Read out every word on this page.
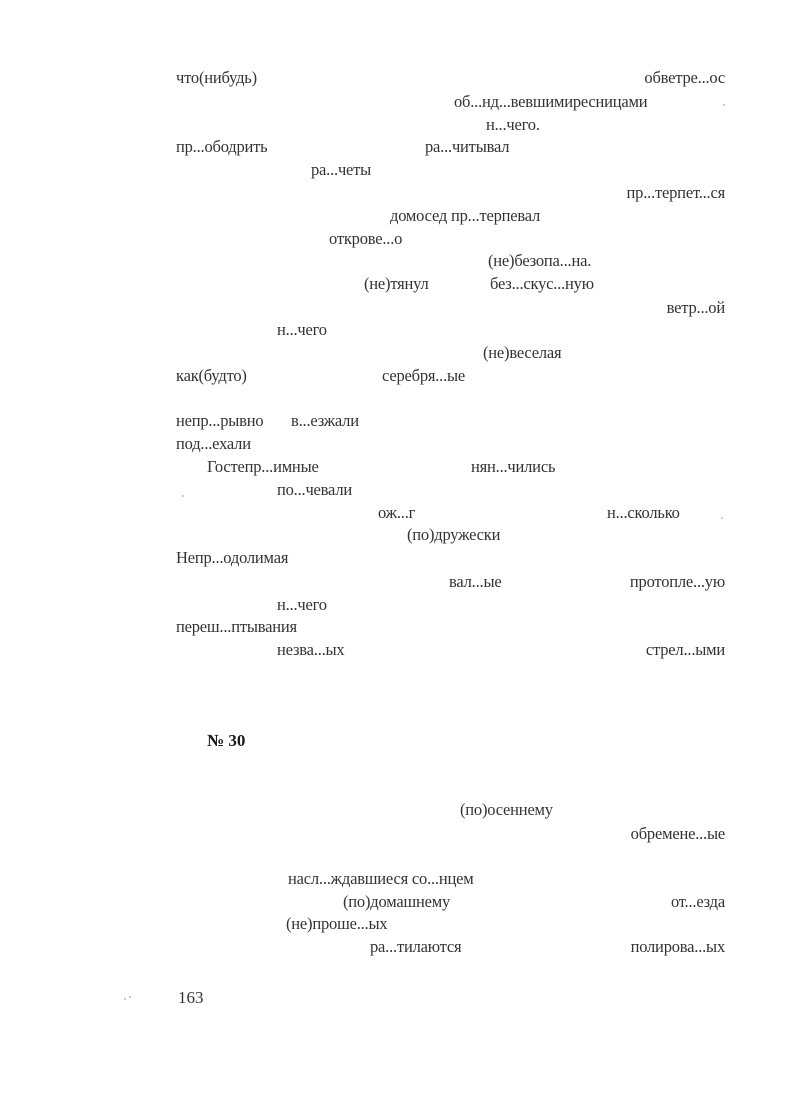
что(нибудь)	обветре...ос
об...нд...вевшимиресницами
н...чего.
пр...ободрить	ра...читывал
ра...четы
пр...терпет...ся
домосед пр...терпевал
открове...о
(не)безопа...на.
(не)тянул	без...скус...ную
ветр...ой
н...чего
(не)веселая
как(будто)	серебря...ые
непр...рывно в...езжали
под...ехали
Гостепр...имные	нян...чились
по...чевали
ож...г	н...сколько
(по)дружески
Непр...одолимая
вал...ые	протопле...ую
н...чего
переш...птывания
незва...ых	стрел...ыми
№ 30
(по)осеннему
обремене...ые
насл...ждавшиеся со...нцем
(по)домашнему	от...езда
(не)проше...ых
ра...тилаются	полирова...ых
163
